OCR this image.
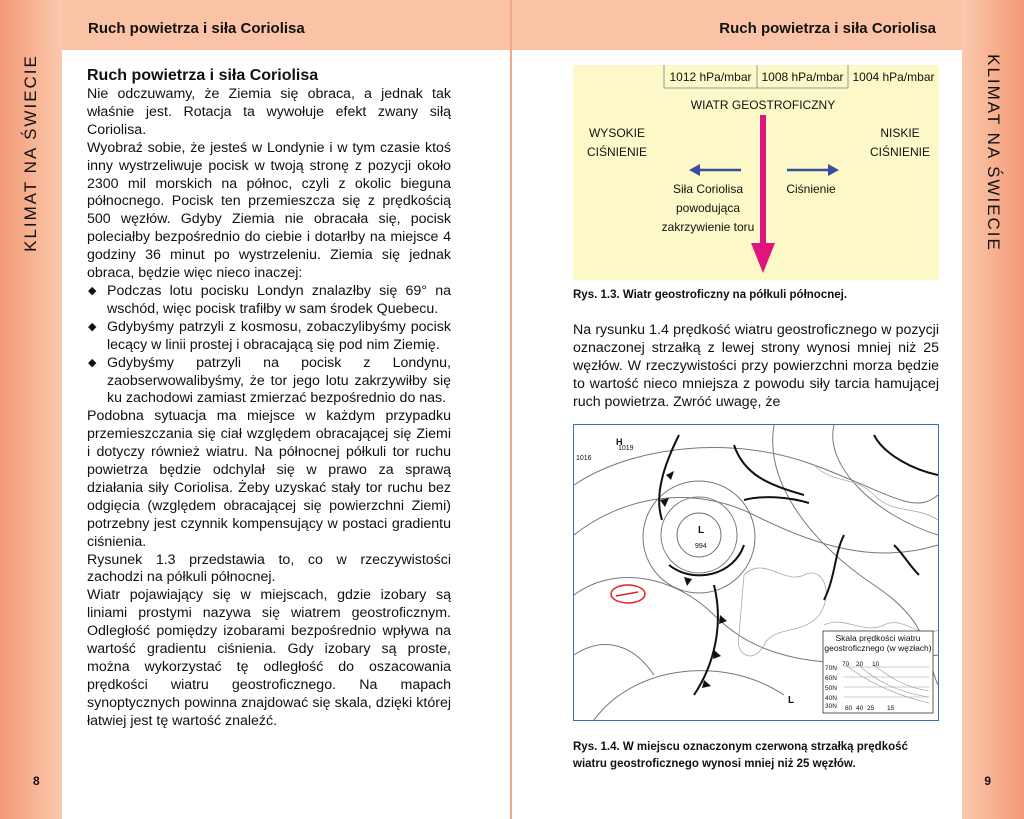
Ruch powietrza i siła Coriolisa	Ruch powietrza i siła Coriolisa
KLIMAT NA ŚWIECIE	KLIMAT NA ŚWIECIE
8	9
Ruch powietrza i siła Coriolisa

Nie odczuwamy, że Ziemia się obraca, a jednak tak właśnie jest. Rotacja ta wywołuje efekt zwany siłą Coriolisa.

Wyobraź sobie, że jesteś w Londynie i w tym czasie ktoś inny wystrzeliwuje pocisk w twoją stronę z pozycji około 2300 mil morskich na północ, czyli z okolic bieguna północnego. Pocisk ten przemieszcza się z prędkością 500 węzłów. Gdyby Ziemia nie obracała się, pocisk poleciałby bezpośrednio do ciebie i dotarłby na miejsce 4 godziny 36 minut po wystrzeleniu. Ziemia się jednak obraca, będzie więc nieco inaczej:

◆ Podczas lotu pocisku Londyn znalazłby się 69° na wschód, więc pocisk trafiłby w sam środek Quebecu.
◆ Gdybyśmy patrzyli z kosmosu, zobaczylibyśmy pocisk lecący w linii prostej i obracającą się pod nim Ziemię.
◆ Gdybyśmy patrzyli na pocisk z Londynu, zaobserwowalibyśmy, że tor jego lotu zakrzywiłby się ku zachodowi zamiast zmierzać bezpośrednio do nas.

Podobna sytuacja ma miejsce w każdym przypadku przemieszczania się ciał względem obracającej się Ziemi i dotyczy również wiatru. Na północnej półkuli tor ruchu powietrza będzie odchylał się w prawo za sprawą działania siły Coriolisa. Żeby uzyskać stały tor ruchu bez odgięcia (względem obracającej się powierzchni Ziemi) potrzebny jest czynnik kompensujący w postaci gradientu ciśnienia.

Rysunek 1.3 przedstawia to, co w rzeczywistości zachodzi na półkuli północnej.

Wiatr pojawiający się w miejscach, gdzie izobary są liniami prostymi nazywa się wiatrem geostroficznym. Odległość pomiędzy izobarami bezpośrednio wpływa na wartość gradientu ciśnienia. Gdy izobary są proste, można wykorzystać tę odległość do oszacowania prędkości wiatru geostroficznego. Na mapach synoptycznych powinna znajdować się skala, dzięki której łatwiej jest tę wartość znaleźć.

1012 hPa/mbar 1008 hPa/mbar 1004 hPa/mbar
WIATR GEOSTROFICZNY
WYSOKIE
CIŚNIENIE
NISKIE
CIŚNIENIE
Siła Coriolisa
powodująca
zakrzywienie toru
Ciśnienie
Rys. 1.3. Wiatr geostroficzny na półkuli północnej.
Na rysunku 1.4 prędkość wiatru geostroficznego w pozycji oznaczonej strzałką z lewej strony wynosi mniej niż 25 węzłów. W rzeczywistości przy powierzchni morza będzie to wartość nieco mniejsza z powodu siły tarcia hamującej ruch powietrza. Zwróć uwagę, że
H
1019
1016
L
994
L
Skala prędkości wiatru geostroficznego (w węzłach)
70 20 10
70N
60N
50N
40N
30N 80 40 25 15
Rys. 1.4. W miejscu oznaczonym czerwoną strzałką prędkość wiatru geostroficznego wynosi mniej niż 25 węzłów.
